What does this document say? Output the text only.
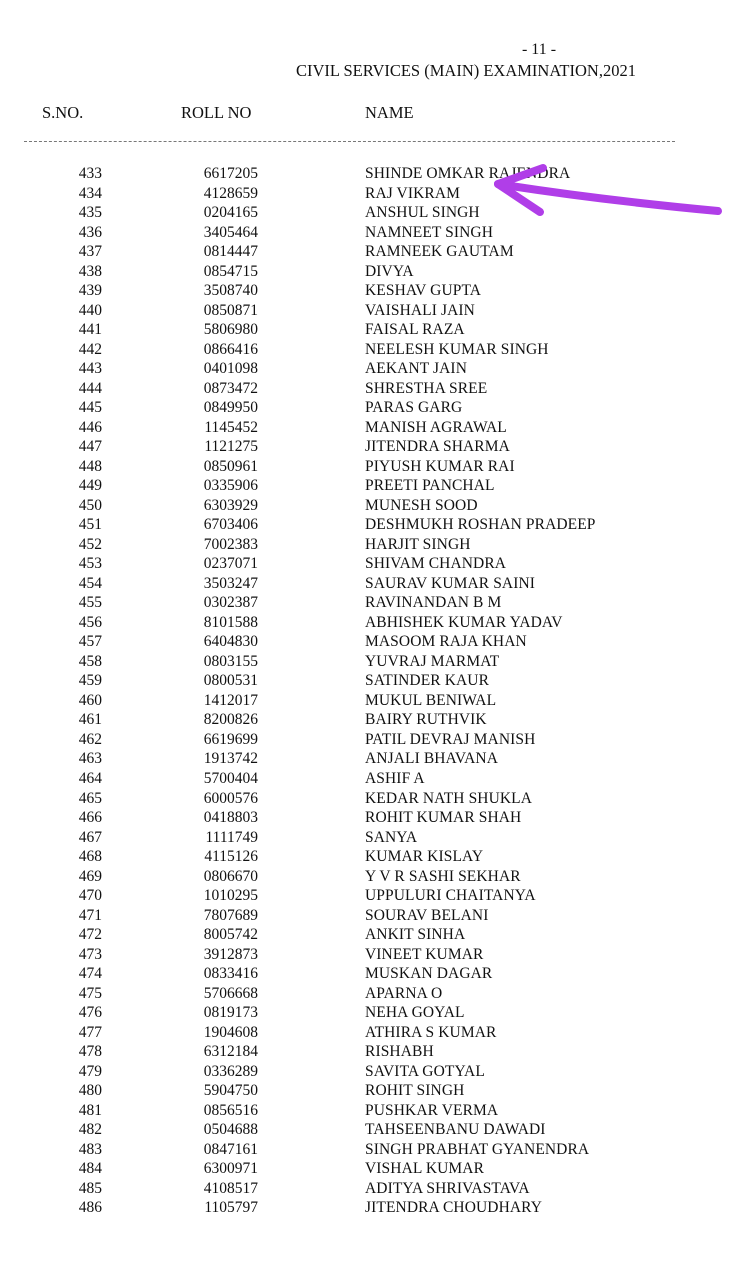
- 11 -
CIVIL SERVICES (MAIN) EXAMINATION,2021
S.NO.	ROLL NO	NAME
433	6617205	SHINDE OMKAR RAJENDRA
434	4128659	RAJ VIKRAM
435	0204165	ANSHUL SINGH
436	3405464	NAMNEET SINGH
437	0814447	RAMNEEK GAUTAM
438	0854715	DIVYA
439	3508740	KESHAV GUPTA
440	0850871	VAISHALI JAIN
441	5806980	FAISAL RAZA
442	0866416	NEELESH KUMAR SINGH
443	0401098	AEKANT JAIN
444	0873472	SHRESTHA SREE
445	0849950	PARAS GARG
446	1145452	MANISH AGRAWAL
447	1121275	JITENDRA SHARMA
448	0850961	PIYUSH KUMAR RAI
449	0335906	PREETI PANCHAL
450	6303929	MUNESH SOOD
451	6703406	DESHMUKH ROSHAN PRADEEP
452	7002383	HARJIT SINGH
453	0237071	SHIVAM CHANDRA
454	3503247	SAURAV KUMAR SAINI
455	0302387	RAVINANDAN B M
456	8101588	ABHISHEK KUMAR YADAV
457	6404830	MASOOM RAJA KHAN
458	0803155	YUVRAJ MARMAT
459	0800531	SATINDER KAUR
460	1412017	MUKUL BENIWAL
461	8200826	BAIRY RUTHVIK
462	6619699	PATIL DEVRAJ MANISH
463	1913742	ANJALI BHAVANA
464	5700404	ASHIF A
465	6000576	KEDAR NATH SHUKLA
466	0418803	ROHIT KUMAR SHAH
467	1111749	SANYA
468	4115126	KUMAR KISLAY
469	0806670	Y V R SASHI SEKHAR
470	1010295	UPPULURI CHAITANYA
471	7807689	SOURAV BELANI
472	8005742	ANKIT SINHA
473	3912873	VINEET KUMAR
474	0833416	MUSKAN DAGAR
475	5706668	APARNA O
476	0819173	NEHA GOYAL
477	1904608	ATHIRA S KUMAR
478	6312184	RISHABH
479	0336289	SAVITA GOTYAL
480	5904750	ROHIT SINGH
481	0856516	PUSHKAR VERMA
482	0504688	TAHSEENBANU DAWADI
483	0847161	SINGH PRABHAT GYANENDRA
484	6300971	VISHAL KUMAR
485	4108517	ADITYA SHRIVASTAVA
486	1105797	JITENDRA CHOUDHARY
